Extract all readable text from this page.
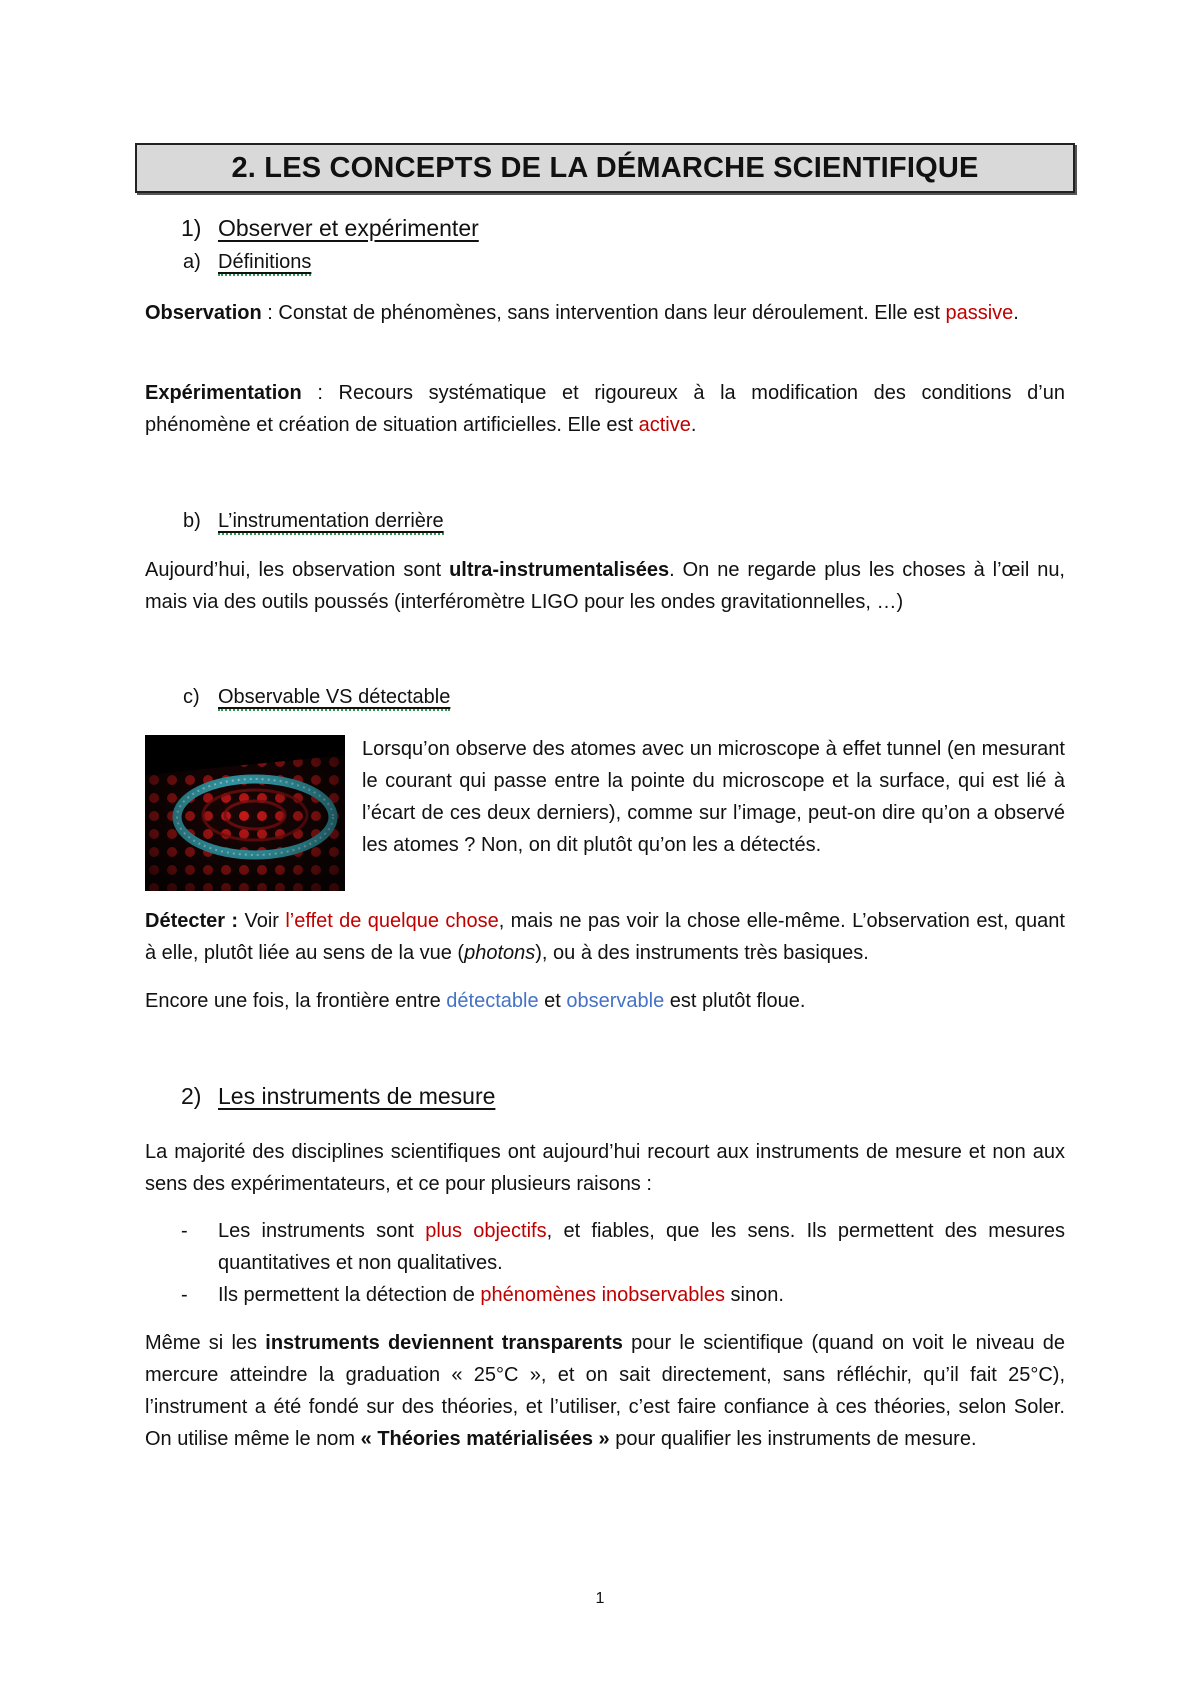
2. LES CONCEPTS DE LA DÉMARCHE SCIENTIFIQUE
1) Observer et expérimenter
a) Définitions

Observation : Constat de phénomènes, sans intervention dans leur déroulement. Elle est passive.

Expérimentation : Recours systématique et rigoureux à la modification des conditions d’un phénomène et création de situation artificielles. Elle est active.

b) L’instrumentation derrière

Aujourd’hui, les observation sont ultra-instrumentalisées. On ne regarde plus les choses à l’œil nu, mais via des outils poussés (interféromètre LIGO pour les ondes gravitationnelles, …)

c) Observable VS détectable

Lorsqu’on observe des atomes avec un microscope à effet tunnel (en mesurant le courant qui passe entre la pointe du microscope et la surface, qui est lié à l’écart de ces deux derniers), comme sur l’image, peut-on dire qu’on a observé les atomes ? Non, on dit plutôt qu’on les a détectés.

Détecter : Voir l’effet de quelque chose, mais ne pas voir la chose elle-même. L’observation est, quant à elle, plutôt liée au sens de la vue (photons), ou à des instruments très basiques.

Encore une fois, la frontière entre détectable et observable est plutôt floue.

2) Les instruments de mesure

La majorité des disciplines scientifiques ont aujourd’hui recourt aux instruments de mesure et non aux sens des expérimentateurs, et ce pour plusieurs raisons :

- Les instruments sont plus objectifs, et fiables, que les sens. Ils permettent des mesures quantitatives et non qualitatives.

- Ils permettent la détection de phénomènes inobservables sinon.

Même si les instruments deviennent transparents pour le scientifique (quand on voit le niveau de mercure atteindre la graduation « 25°C », et on sait directement, sans réfléchir, qu’il fait 25°C), l’instrument a été fondé sur des théories, et l’utiliser, c’est faire confiance à ces théories, selon Soler. On utilise même le nom « Théories matérialisées » pour qualifier les instruments de mesure.

1
